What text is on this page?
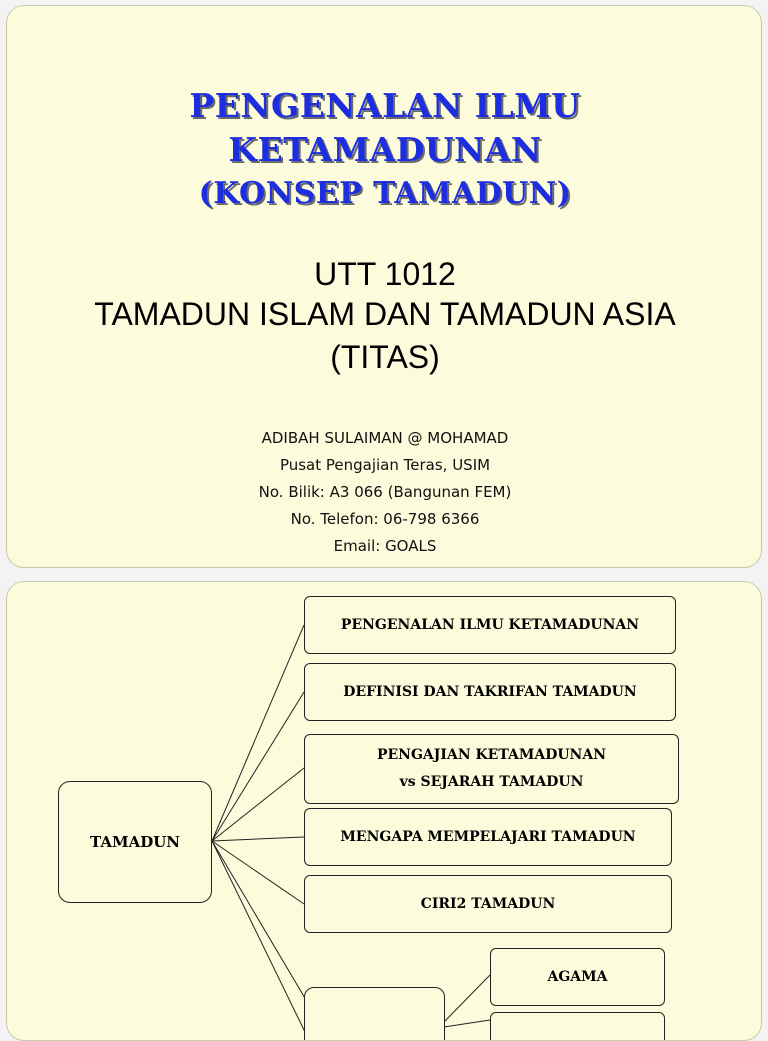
PENGENALAN ILMU
KETAMADUNAN
(KONSEP TAMADUN)
UTT 1012
TAMADUN ISLAM DAN TAMADUN ASIA
(TITAS)
ADIBAH SULAIMAN @ MOHAMAD
Pusat Pengajian Teras, USIM
No. Bilik: A3 066 (Bangunan FEM)
No. Telefon: 06-798 6366
Email: GOALS
TAMADUN
PENGENALAN ILMU KETAMADUNAN
DEFINISI DAN TAKRIFAN TAMADUN
PENGAJIAN KETAMADUNAN
vs SEJARAH TAMADUN
MENGAPA MEMPELAJARI TAMADUN
CIRI2 TAMADUN
AGAMA
